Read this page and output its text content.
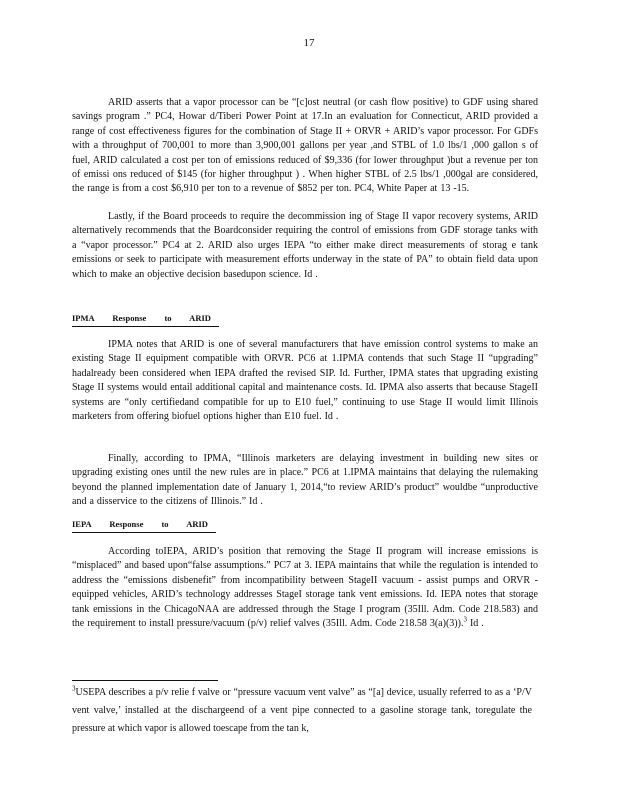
17

ARID asserts that a vapor processor can be “[c]ost neutral (or cash flow positive) to GDF using shared savings program .” PC4, Howar d/Tiberi Power Point at 17.In an evaluation for Connecticut, ARID provided a range of cost effectiveness figures for the combination of Stage II + ORVR + ARID’s vapor processor. For GDFs with a throughput of 700,001 to more than 3,900,001 gallons per year ,and STBL of 1.0 lbs/1 ,000 gallon s of fuel, ARID calculated a cost per ton of emissions reduced of $9,336 (for lower throughput )but a revenue per ton of emissi ons reduced of $145 (for higher throughput ) . When higher STBL of 2.5 lbs/1 ,000gal are considered, the range is from a cost $6,910 per ton to a revenue of $852 per ton. PC4, White Paper at 13 -15.

Lastly, if the Board proceeds to require the decommission ing of Stage II vapor recovery systems, ARID alternatively recommends that the Boardconsider requiring the control of emissions from GDF storage tanks with a “vapor processor.” PC4 at 2. ARID also urges IEPA “to either make direct measurements of storag e tank emissions or seek to participate with measurement efforts underway in the state of PA” to obtain field data upon which to make an objective decision basedupon science. Id .

IPMA Response to ARID

IPMA notes that ARID is one of several manufacturers that have emission control systems to make an existing Stage II equipment compatible with ORVR. PC6 at 1.IPMA contends that such Stage II “upgrading” hadalready been considered when IEPA drafted the revised SIP. Id. Further, IPMA states that upgrading existing Stage II systems would entail additional capital and maintenance costs. Id. IPMA also asserts that because StageII systems are “only certifiedand compatible for up to E10 fuel,” continuing to use Stage II would limit Illinois marketers from offering biofuel options higher than E10 fuel. Id .

Finally, according to IPMA, “Illinois marketers are delaying investment in building new sites or upgrading existing ones until the new rules are in place.” PC6 at 1.IPMA maintains that delaying the rulemaking beyond the planned implementation date of January 1, 2014,“to review ARID’s product” wouldbe “unproductive and a disservice to the citizens of Illinois.” Id .

IEPA Response to ARID

According toIEPA, ARID’s position that removing the Stage II program will increase emissions is “misplaced” and based upon“false assumptions.” PC7 at 3. IEPA maintains that while the regulation is intended to address the “emissions disbenefit” from incompatibility between StageII vacuum - assist pumps and ORVR - equipped vehicles, ARID’s technology addresses StageI storage tank vent emissions. Id. IEPA notes that storage tank emissions in the ChicagoNAA are addressed through the Stage I program (35Ill. Adm. Code 218.583) and the requirement to install pressure/vacuum (p/v) relief valves (35Ill. Adm. Code 218.58 3(a)(3)).$^3$ Id .

$^3$USEPA describes a p/v relie f valve or “pressure vacuum vent valve” as “[a] device, usually referred to as a ‘P/V vent valve,’ installed at the dischargeend of a vent pipe connected to a gasoline storage tank, toregulate the pressure at which vapor is allowed toescape from the tan k,
